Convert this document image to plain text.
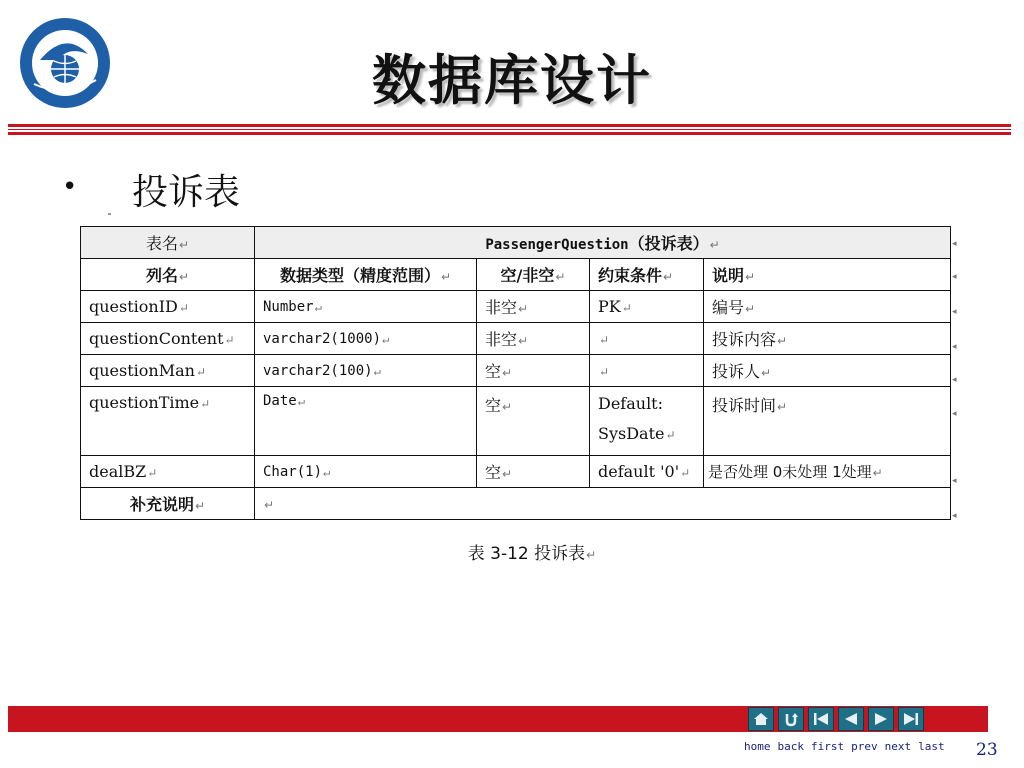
数据库设计
• 投诉表
表名↵	PassengerQuestion（投诉表）↵			
列名↵	数据类型（精度范围）↵	空/非空↵	约束条件↵	说明↵
questionID↵	Number↵	非空↵	PK↵	编号↵
questionContent↵	varchar2(1000)↵	非空↵	↵	投诉内容↵
questionMan↵	varchar2(100)↵	空↵	↵	投诉人↵
questionTime↵	Date↵	空↵	Default: SysDate↵	投诉时间↵
dealBZ↵	Char(1)↵	空↵	default '0'↵	是否处理 0未处理 1处理↵
补充说明↵	↵			
◂
◂
◂
◂
◂
◂
◂
◂
表 3-12 投诉表↵
home back first prev next last 23
